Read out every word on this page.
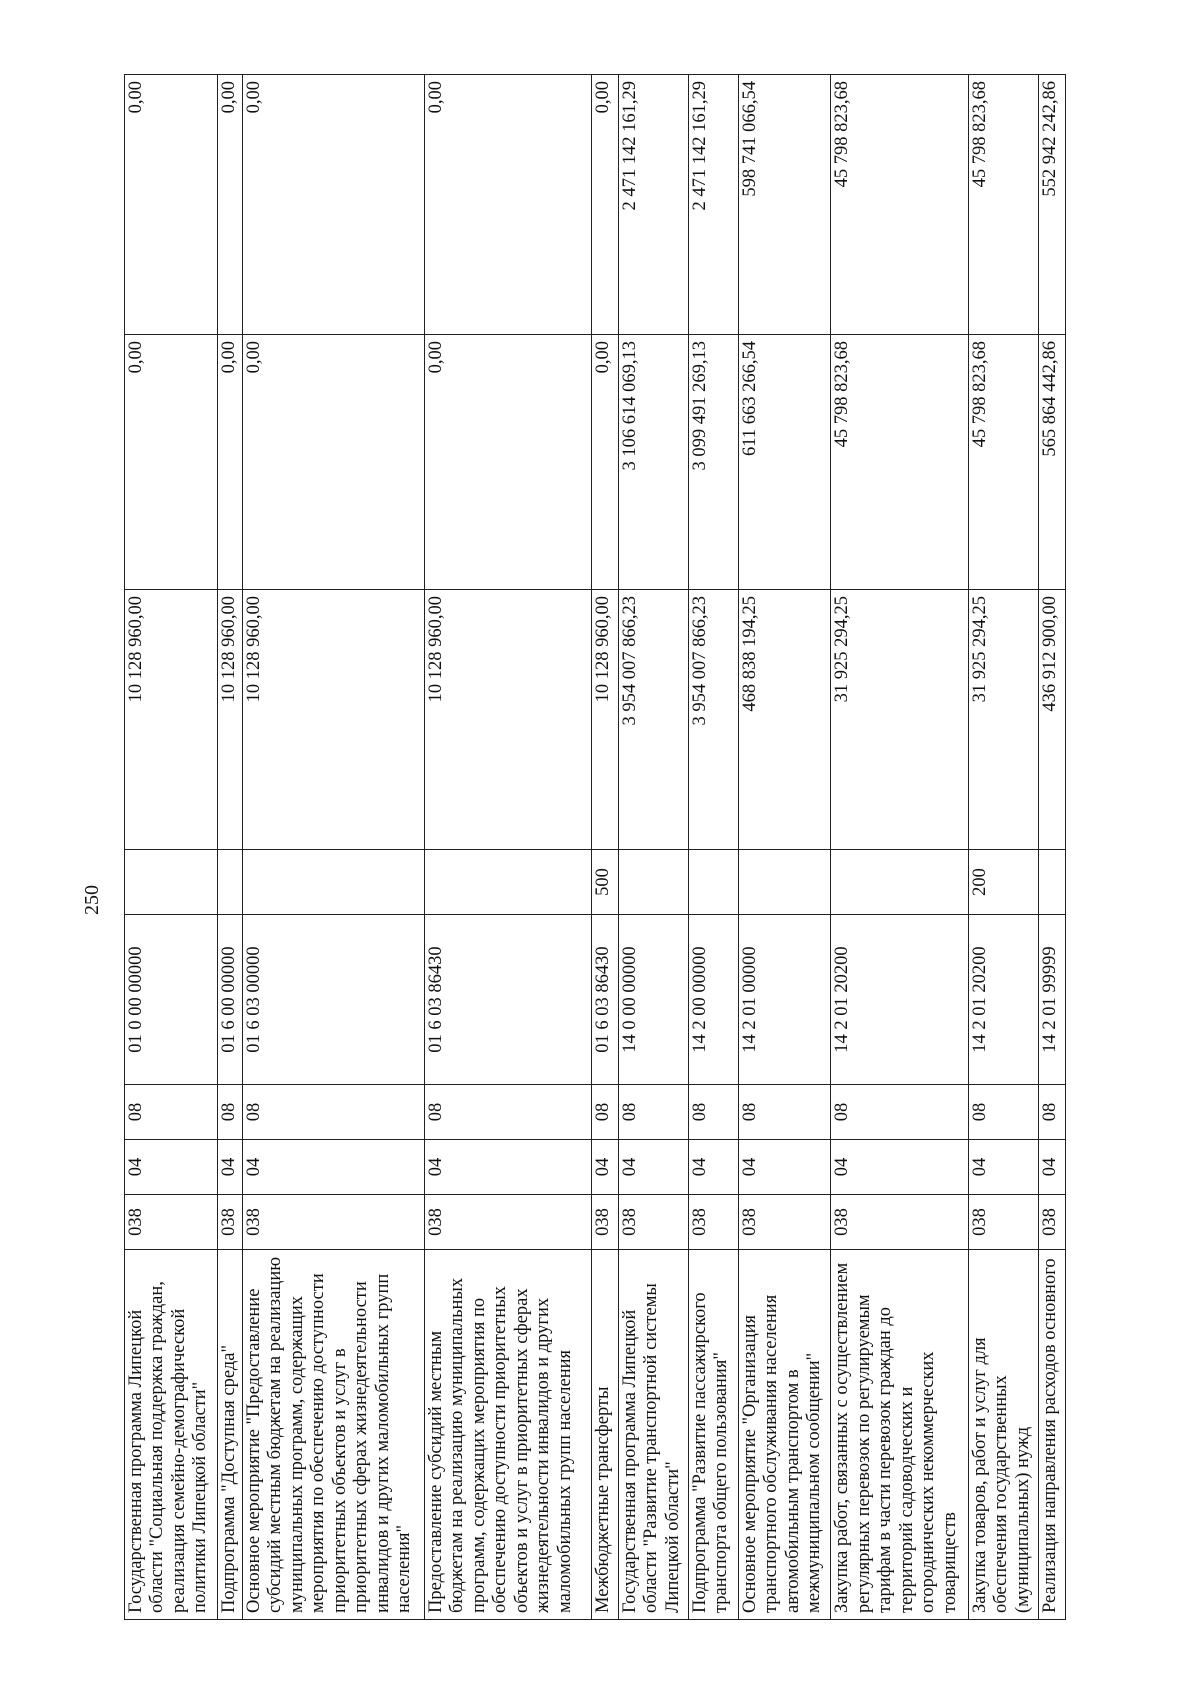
250
Государственная программа Липецкой области "Социальная поддержка граждан, реализация семейно-демографической политики Липецкой области"	038	04	08	01 0 00 00000		10 128 960,00	0,00	0,00
Подпрограмма "Доступная среда"	038	04	08	01 6 00 00000		10 128 960,00	0,00	0,00
Основное мероприятие "Предоставление субсидий местным бюджетам на реализацию муниципальных программ, содержащих мероприятия по обеспечению доступности приоритетных объектов и услуг в приоритетных сферах жизнедеятельности инвалидов и других маломобильных групп населения"	038	04	08	01 6 03 00000		10 128 960,00	0,00	0,00
Предоставление субсидий местным бюджетам на реализацию муниципальных программ, содержащих мероприятия по обеспечению доступности приоритетных объектов и услуг в приоритетных сферах жизнедеятельности инвалидов и других маломобильных групп населения	038	04	08	01 6 03 86430		10 128 960,00	0,00	0,00
Межбюджетные трансферты	038	04	08	01 6 03 86430	500	10 128 960,00	0,00	0,00
Государственная программа Липецкой области "Развитие транспортной системы Липецкой области"	038	04	08	14 0 00 00000		3 954 007 866,23	3 106 614 069,13	2 471 142 161,29
Подпрограмма "Развитие пассажирского транспорта общего пользования"	038	04	08	14 2 00 00000		3 954 007 866,23	3 099 491 269,13	2 471 142 161,29
Основное мероприятие "Организация транспортного обслуживания населения автомобильным транспортом в межмуниципальном сообщении"	038	04	08	14 2 01 00000		468 838 194,25	611 663 266,54	598 741 066,54
Закупка работ, связанных с осуществлением регулярных перевозок по регулируемым тарифам в части перевозок граждан до территорий садоводческих и огороднических некоммерческих товариществ	038	04	08	14 2 01 20200		31 925 294,25	45 798 823,68	45 798 823,68
Закупка товаров, работ и услуг для обеспечения государственных (муниципальных) нужд	038	04	08	14 2 01 20200	200	31 925 294,25	45 798 823,68	45 798 823,68
Реализация направления расходов основного	038	04	08	14 2 01 99999		436 912 900,00	565 864 442,86	552 942 242,86
